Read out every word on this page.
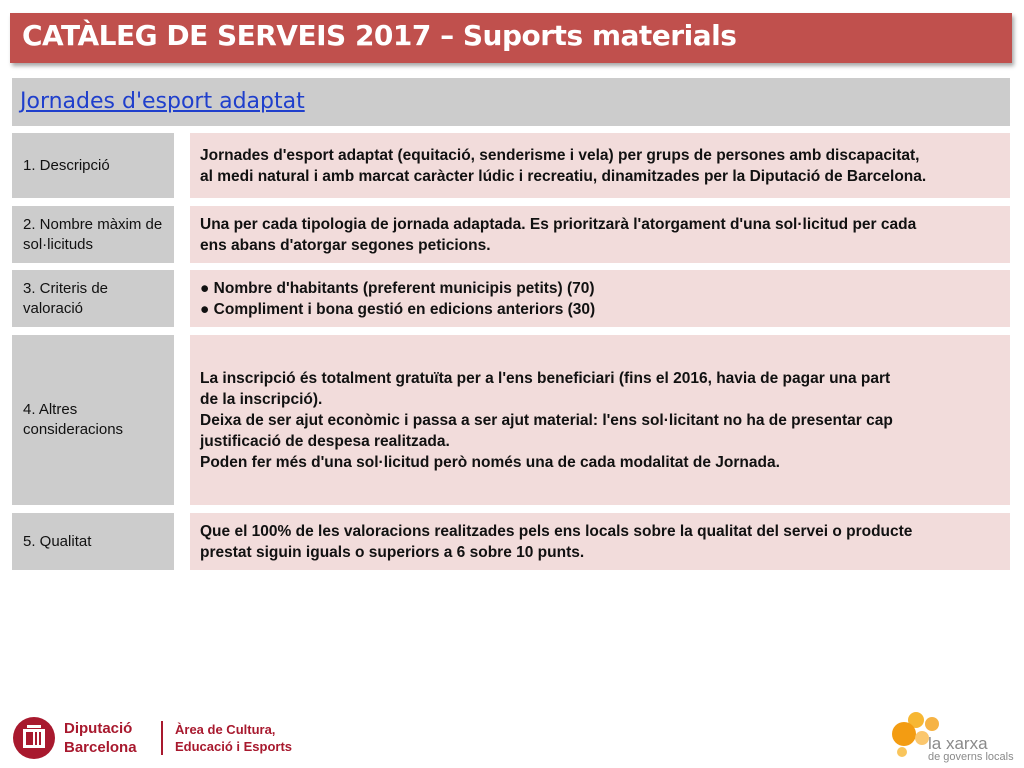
CATÀLEG DE SERVEIS 2017 – Suports materials
Jornades d'esport adaptat
1. Descripció
Jornades d'esport adaptat (equitació, senderisme i vela) per grups de persones amb discapacitat,
al medi natural i amb marcat caràcter lúdic i recreatiu, dinamitzades per la Diputació de Barcelona.
2. Nombre màxim de sol·licituds
Una per cada tipologia de jornada adaptada. Es prioritzarà l'atorgament d'una sol·licitud per cada
ens abans d'atorgar segones peticions.
3. Criteris de valoració
● Nombre d'habitants (preferent municipis petits) (70)
● Compliment i bona gestió en edicions anteriors (30)
4. Altres consideracions
La inscripció és totalment gratuïta per a l'ens beneficiari (fins el 2016, havia de pagar una part
de la inscripció).
Deixa de ser ajut econòmic i passa a ser ajut material: l'ens sol·licitant no ha de presentar cap
justificació de despesa realitzada.
Poden fer més d'una sol·licitud però només una de cada modalitat de Jornada.
5. Qualitat
Que el 100% de les valoracions realitzades pels ens locals sobre la qualitat del servei o producte
prestat siguin iguals o superiors a 6 sobre 10 punts.
Diputació
Barcelona
Àrea de Cultura,
Educació i Esports	la xarxa
de governs locals
